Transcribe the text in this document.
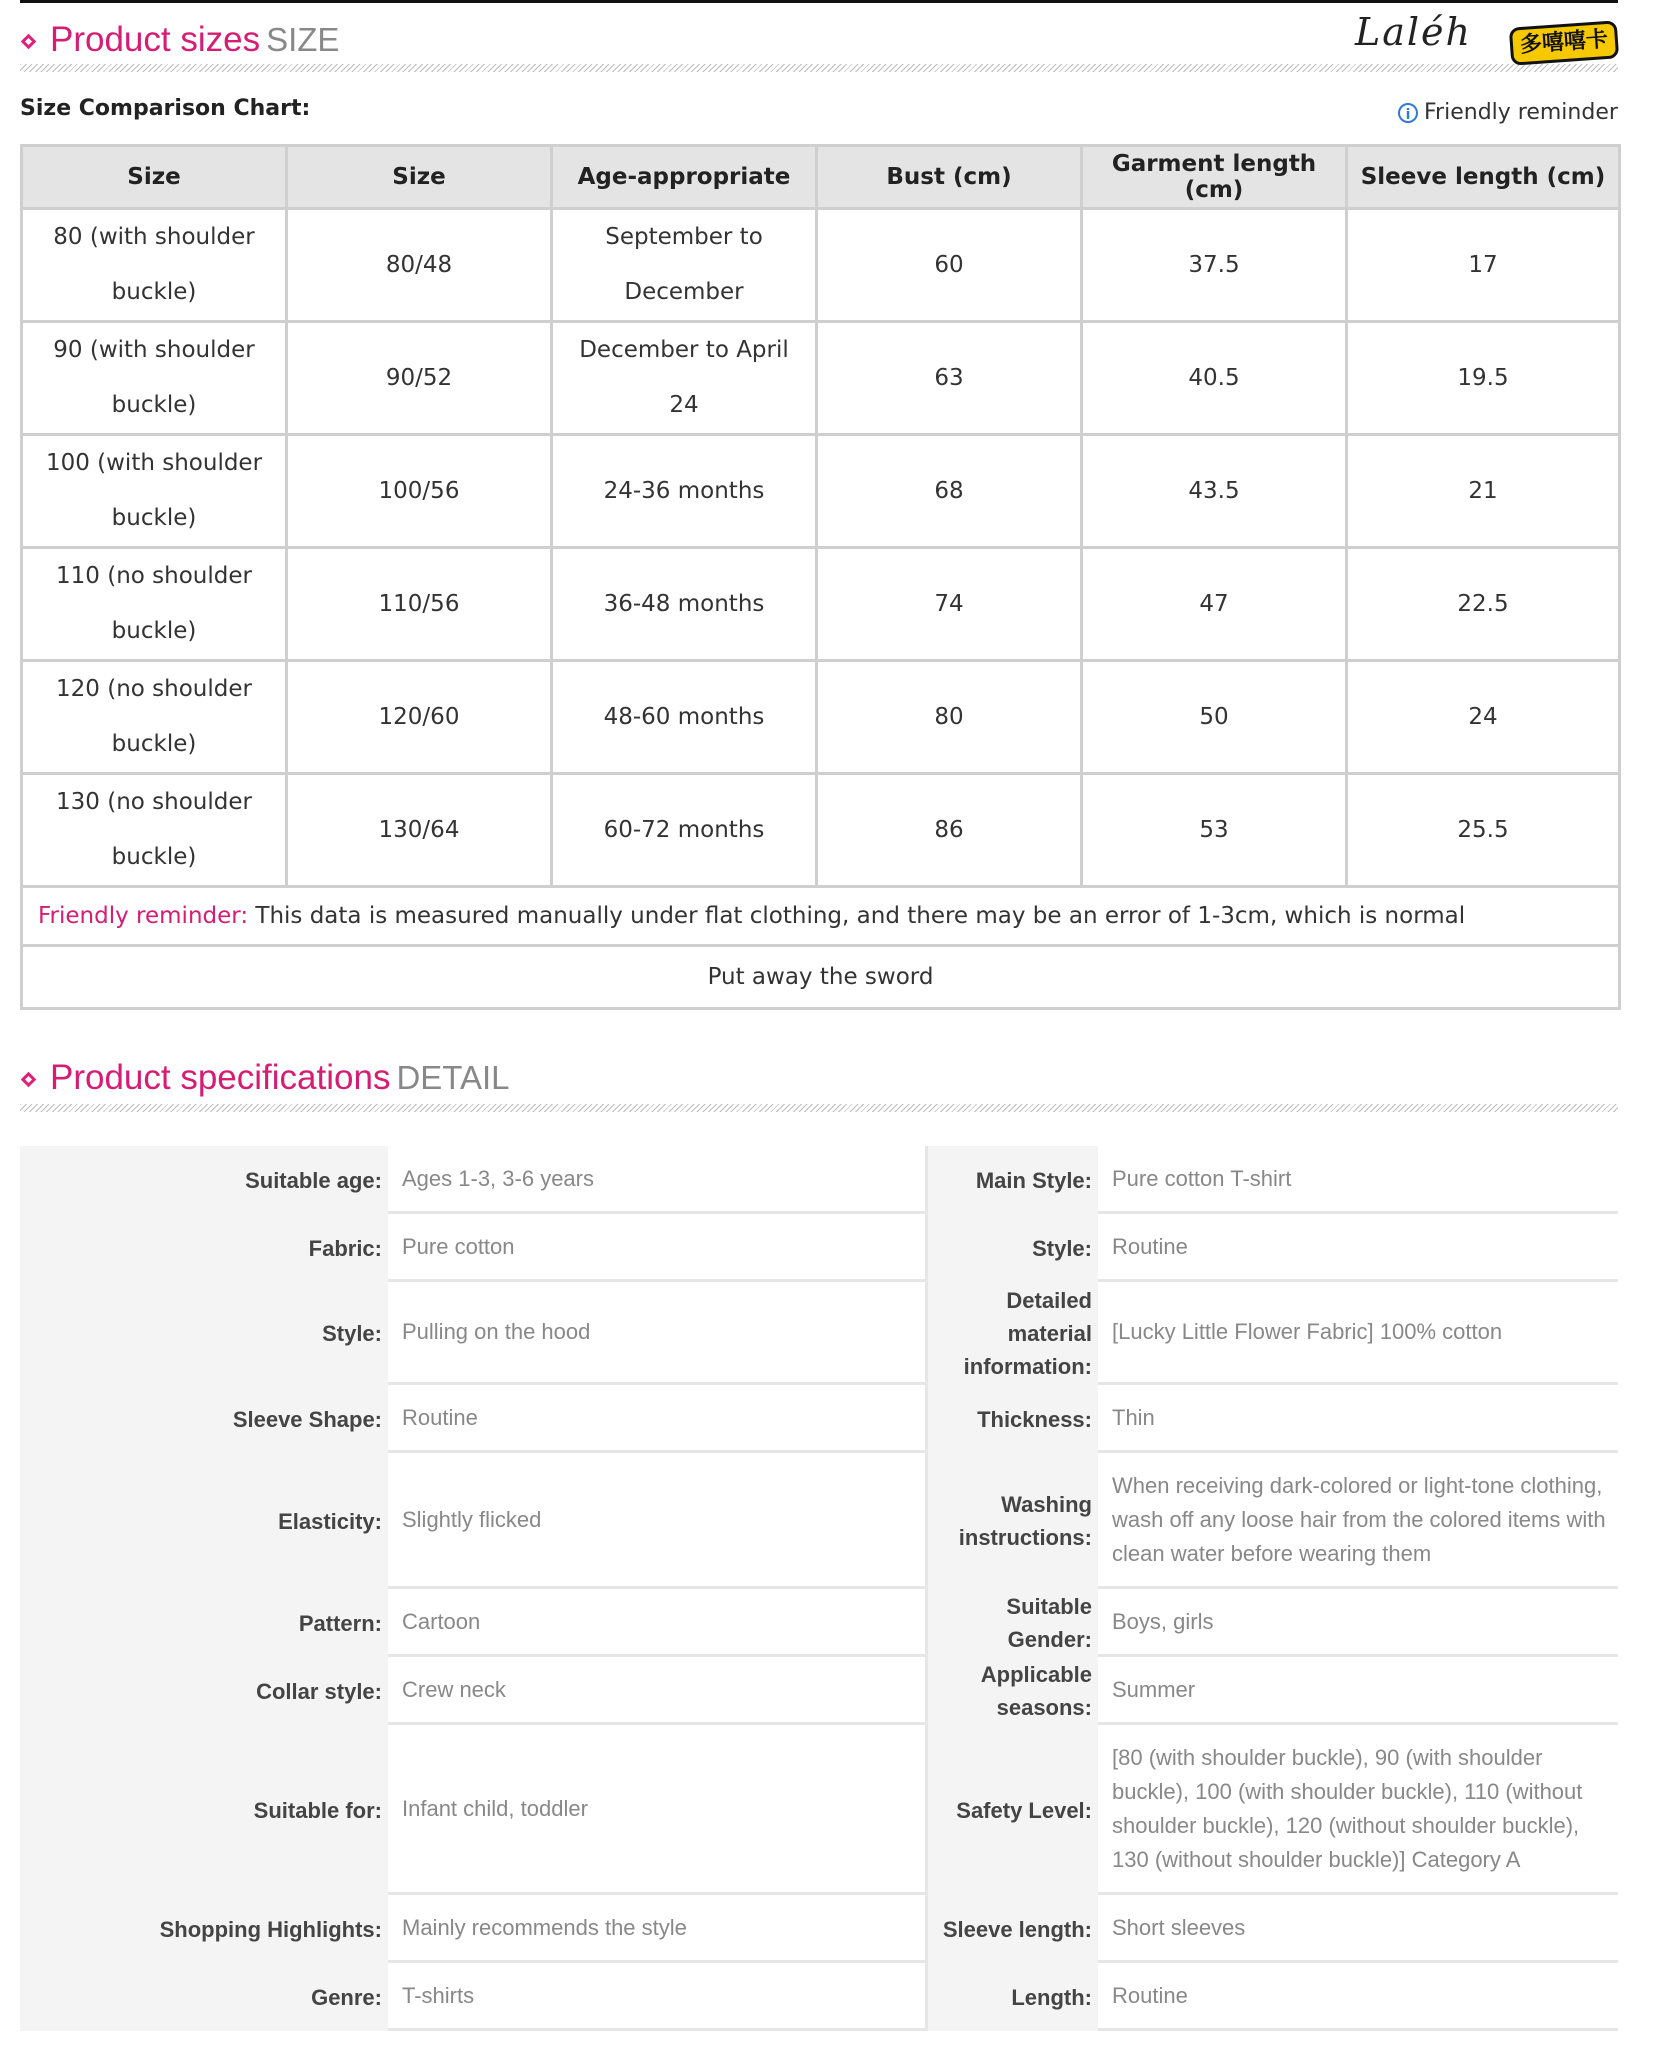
Product sizes SIZE	Laléh	多嘻嘻卡
Size Comparison Chart:	i Friendly reminder
Size	Size	Age-appropriate	Bust (cm)	Garment length (cm)	Sleeve length (cm)
80 (with shoulder buckle)	80/48	September to December	60	37.5	17
90 (with shoulder buckle)	90/52	December to April 24	63	40.5	19.5
100 (with shoulder buckle)	100/56	24-36 months	68	43.5	21
110 (no shoulder buckle)	110/56	36-48 months	74	47	22.5
120 (no shoulder buckle)	120/60	48-60 months	80	50	24
130 (no shoulder buckle)	130/64	60-72 months	86	53	25.5
Friendly reminder: This data is measured manually under flat clothing, and there may be an error of 1-3cm, which is normal					
Put away the sword					
Product specifications DETAIL
Suitable age:	Ages 1-3, 3-6 years	Main Style:	Pure cotton T-shirt
Fabric:	Pure cotton	Style:	Routine
Style:	Pulling on the hood	Detailed material information:	[Lucky Little Flower Fabric] 100% cotton
Sleeve Shape:	Routine	Thickness:	Thin
Elasticity:	Slightly flicked	Washing instructions:	When receiving dark-colored or light-tone clothing, wash off any loose hair from the colored items with clean water before wearing them
Pattern:	Cartoon	Suitable Gender:	Boys, girls
Collar style:	Crew neck	Applicable seasons:	Summer
Suitable for:	Infant child, toddler	Safety Level:	[80 (with shoulder buckle), 90 (with shoulder buckle), 100 (with shoulder buckle), 110 (without shoulder buckle), 120 (without shoulder buckle), 130 (without shoulder buckle)] Category A
Shopping Highlights:	Mainly recommends the style	Sleeve length:	Short sleeves
Genre:	T-shirts	Length:	Routine
